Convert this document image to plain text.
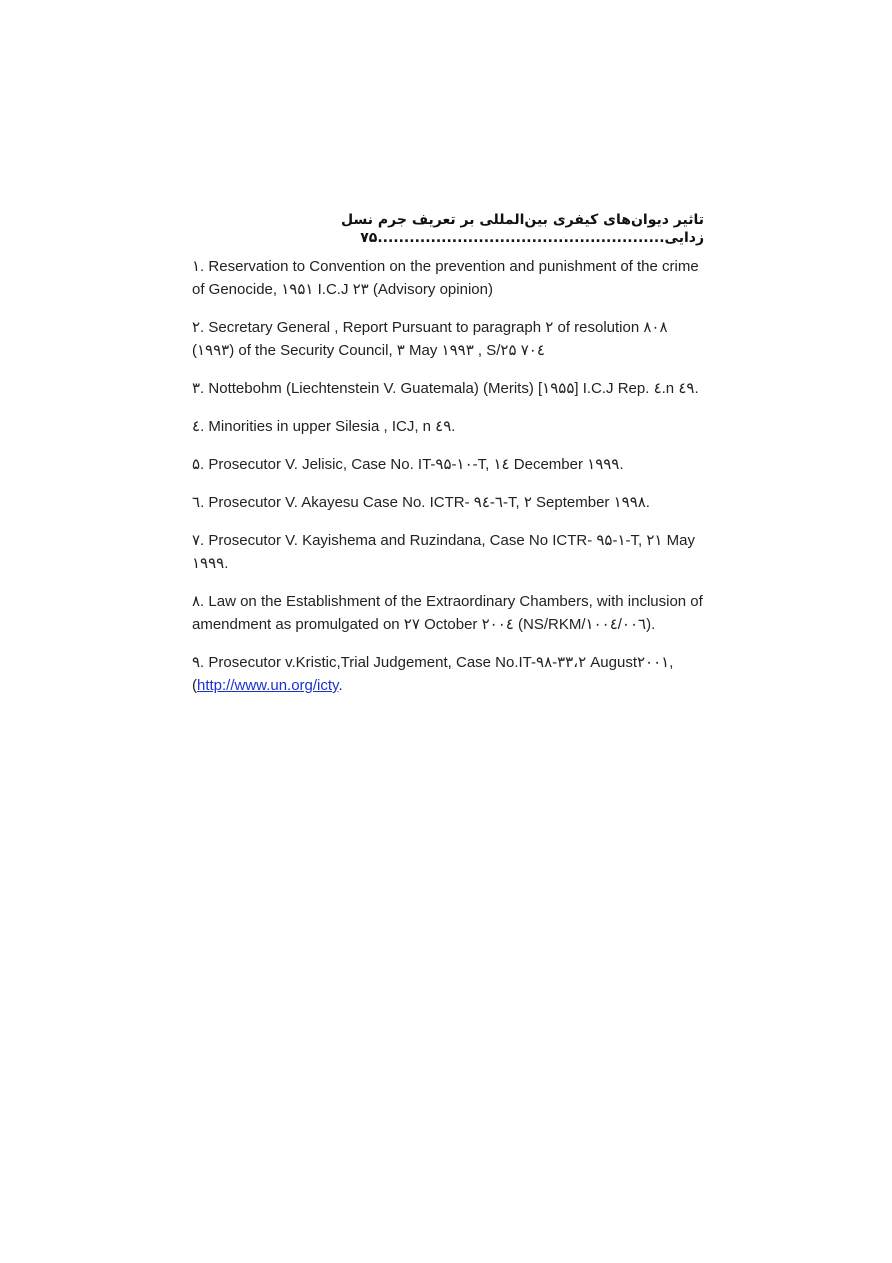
تاثیر دیوان‌های کیفری بین‌المللی بر تعریف جرم نسل
زدایی......................................................۷۵

۱. Reservation to Convention on the prevention and punishment of the crime of Genocide, ۱۹۵۱ I.C.J ۲۳ (Advisory opinion)

۲. Secretary General , Report Pursuant to paragraph ۲ of resolution ۸۰۸ (۱۹۹۳) of the Security Council, ۳ May ۱۹۹۳ , S/۲۵ ۷۰٤

۳. Nottebohm (Liechtenstein V. Guatemala) (Merits) [۱۹۵۵] I.C.J Rep. ٤.n ٤۹.

٤. Minorities in upper Silesia , ICJ, n ٤۹.

۵. Prosecutor V. Jelisic, Case No. IT-۹۵-۱۰-T, ۱٤ December ۱۹۹۹.

٦. Prosecutor V. Akayesu Case No. ICTR- ۹٦-٤-T, ۲ September ۱۹۹۸.

۷. Prosecutor V. Kayishema and Ruzindana, Case No ICTR- ۹۵-۱-T, ۲۱ May ۱۹۹۹.

۸. Law on the Establishment of the Extraordinary Chambers, with inclusion of amendment as promulgated on ۲۷ October ۲۰۰٤ (NS/RKM/۱۰۰٤/۰۰٦).

۹. Prosecutor v.Kristic,Trial Judgement, Case No.IT-۹۸-۳۳،۲ August۲۰۰۱,(http://www.un.org/icty.
